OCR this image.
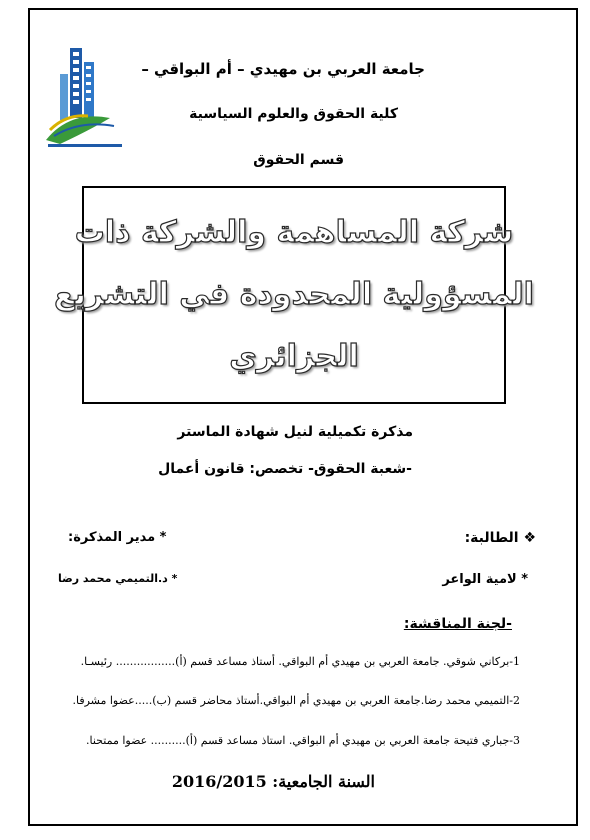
جامعة العربي بن مهيدي – أم البواقي –
كلية الحقوق والعلوم السياسية
قسم الحقوق
شركة المساهمة والشركة ذات
المسؤولية المحدودة في التشريع
الجزائري
مذكرة تكميلية لنيل شهادة الماستر
-شعبة الحقوق- تخصص: قانون أعمال
❖ الطالبة:
* مدير المذكرة:
* لامية الواعر
* د.التميمي محمد رضا
-لجنة المناقشة:
1-بركاني شوقي. جامعة العربي بن مهيدي أم البواقي. أستاذ مساعد قسم (أ)................. رئيسـا.
2-التميمي محمد رضا.جامعة العربي بن مهيدي أم البواقي.أستاذ محاضر قسم (ب).....عضوا مشرفا.
3-جباري فتيحة جامعة العربي بن مهيدي أم البواقي. استاذ مساعد قسم (أ).......... عضوا ممتحنا.
السنة الجامعية: 2016/2015
